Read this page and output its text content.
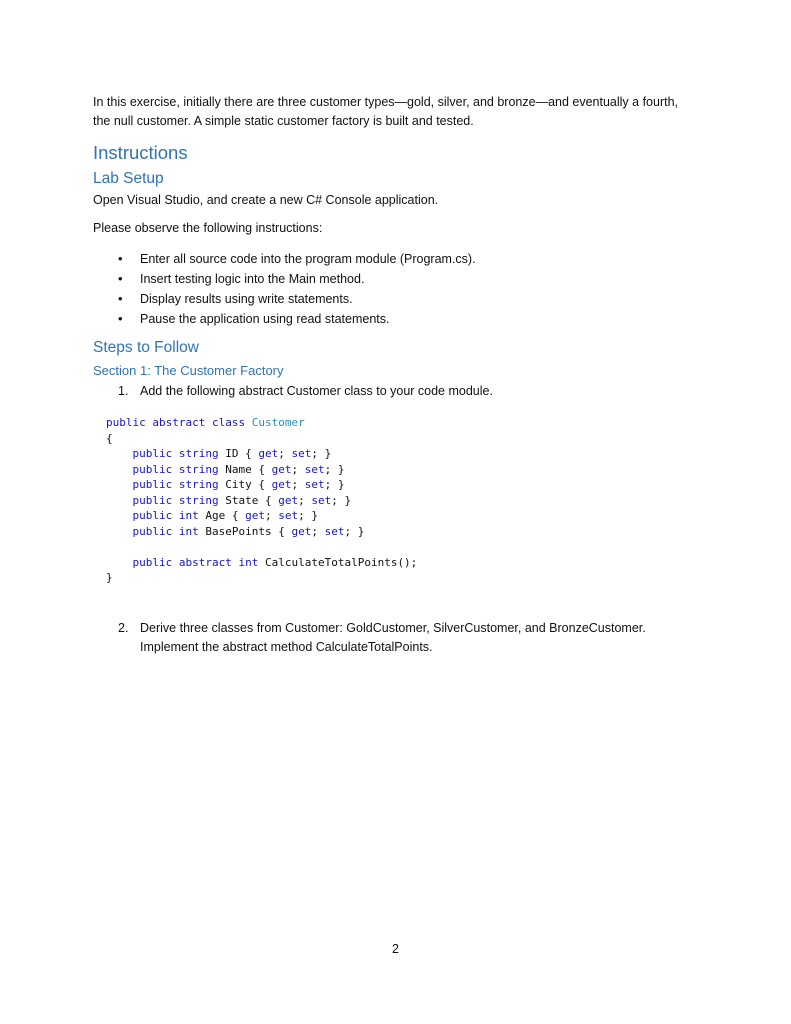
In this exercise, initially there are three customer types—gold, silver, and bronze—and eventually a fourth, the null customer. A simple static customer factory is built and tested.
Instructions
Lab Setup

Open Visual Studio, and create a new C# Console application.

Please observe the following instructions:

• Enter all source code into the program module (Program.cs).
• Insert testing logic into the Main method.
• Display results using write statements.
• Pause the application using read statements.
Steps to Follow
Section 1: The Customer Factory
1. Add the following abstract Customer class to your code module.
public abstract class Customer
{
public string ID { get; set; }
public string Name { get; set; }
public string City { get; set; }
public string State { get; set; }
public int Age { get; set; }
public int BasePoints { get; set; }

public abstract int CalculateTotalPoints();
}
2. Derive three classes from Customer: GoldCustomer, SilverCustomer, and BronzeCustomer. Implement the abstract method CalculateTotalPoints.
2
